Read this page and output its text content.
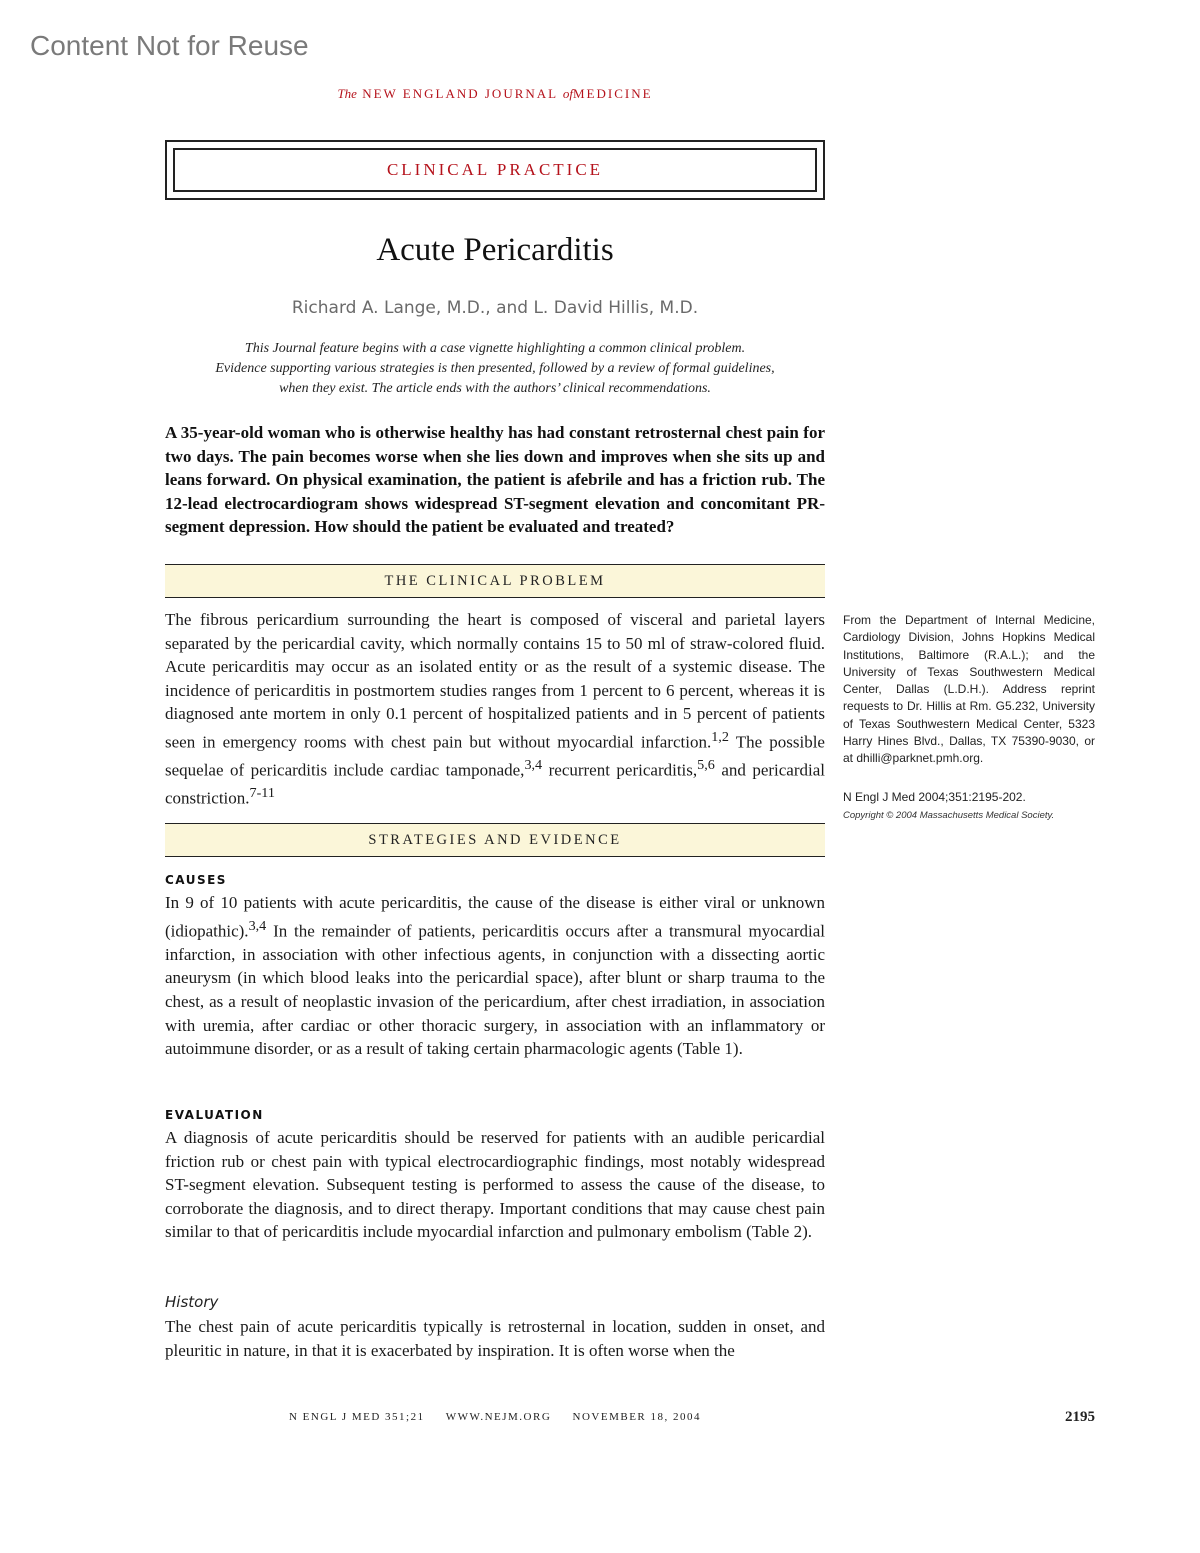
Content Not for Reuse
The NEW ENGLAND JOURNAL ofMEDICINE
CLINICAL PRACTICE
Acute Pericarditis
Richard A. Lange, M.D., and L. David Hillis, M.D.
This Journal feature begins with a case vignette highlighting a common clinical problem.
Evidence supporting various strategies is then presented, followed by a review of formal guidelines,
when they exist. The article ends with the authors’ clinical recommendations.
A 35-year-old woman who is otherwise healthy has had constant retrosternal chest pain for two days. The pain becomes worse when she lies down and improves when she sits up and leans forward. On physical examination, the patient is afebrile and has a friction rub. The 12-lead electrocardiogram shows widespread ST-segment elevation and concomitant PR-segment depression. How should the patient be evaluated and treated?
THE CLINICAL PROBLEM
The fibrous pericardium surrounding the heart is composed of visceral and parietal layers separated by the pericardial cavity, which normally contains 15 to 50 ml of straw-colored fluid. Acute pericarditis may occur as an isolated entity or as the result of a systemic disease. The incidence of pericarditis in postmortem studies ranges from 1 percent to 6 percent, whereas it is diagnosed ante mortem in only 0.1 percent of hospitalized patients and in 5 percent of patients seen in emergency rooms with chest pain but without myocardial infarction.$^{1,2}$ The possible sequelae of pericarditis include cardiac tamponade,$^{3,4}$ recurrent pericarditis,$^{5,6}$ and pericardial constriction.$^{7-11}$
STRATEGIES AND EVIDENCE
CAUSES
In 9 of 10 patients with acute pericarditis, the cause of the disease is either viral or unknown (idiopathic).$^{3,4}$ In the remainder of patients, pericarditis occurs after a transmural myocardial infarction, in association with other infectious agents, in conjunction with a dissecting aortic aneurysm (in which blood leaks into the pericardial space), after blunt or sharp trauma to the chest, as a result of neoplastic invasion of the pericardium, after chest irradiation, in association with uremia, after cardiac or other thoracic surgery, in association with an inflammatory or autoimmune disorder, or as a result of taking certain pharmacologic agents (Table 1).
EVALUATION
A diagnosis of acute pericarditis should be reserved for patients with an audible pericardial friction rub or chest pain with typical electrocardiographic findings, most notably widespread ST-segment elevation. Subsequent testing is performed to assess the cause of the disease, to corroborate the diagnosis, and to direct therapy. Important conditions that may cause chest pain similar to that of pericarditis include myocardial infarction and pulmonary embolism (Table 2).
History
The chest pain of acute pericarditis typically is retrosternal in location, sudden in onset, and pleuritic in nature, in that it is exacerbated by inspiration. It is often worse when the
From the Department of Internal Medicine, Cardiology Division, Johns Hopkins Medical Institutions, Baltimore (R.A.L.); and the University of Texas Southwestern Medical Center, Dallas (L.D.H.). Address reprint requests to Dr. Hillis at Rm. G5.232, University of Texas Southwestern Medical Center, 5323 Harry Hines Blvd., Dallas, TX 75390-9030, or at dhilli@parknet.pmh.org.
N Engl J Med 2004;351:2195-202.
Copyright © 2004 Massachusetts Medical Society.
N ENGL J MED 351;21 WWW.NEJM.ORG NOVEMBER 18, 2004	2195
